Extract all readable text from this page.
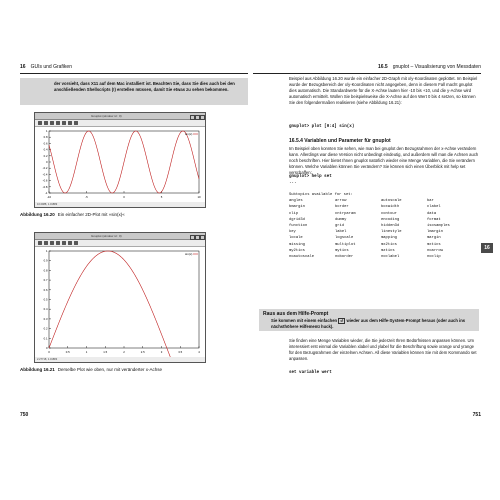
16 GUIs und Grafiken

der vorsieht, dass X11 auf dem Mac installiert ist. Beachten Sie, dass Sie dies auch bei den anschließenden Shellscripts (!) erstellen müssen, damit Sie etwas zu sehen bekommen.

Gnuplot (window id : 0)
1
0.8
0.6
0.4
0.2
0
-0.2
-0.4
-0.6
-0.8
-1
-10	-5	0	5	10
sin(x)
10.0988, 1.01889
Abbildung 16.20 Ein einfacher 2D-Plot mit »sin(x)«
Gnuplot (window id : 0)
1
0.9
0.8
0.7
0.6
0.5
0.4
0.3
0.2
0.1
0
0	0.5	1	1.5	2	2.5	3	3.5	4
sin(x)
2.27718, 1.01883
Abbildung 16.21 Derselbe Plot wie oben, nur mit veränderter x-Achse
750
16.5 gnuplot – Visualisierung von Messdaten
Beispiel aus Abbildung 16.20 wurde ein einfacher 2D-Graph mit x/y-Koordinaten geplottet. Im Beispiel wurde der Bezugsbereich der x/y-Koordinaten nicht angegeben, denn in diesem Fall macht gnuplot dies automatisch. Die Standardwerte für die X-Achse lauten hier -10 bis +10, und die y-Achse wird automatisch ermittelt. Wollen Sie beispielsweise die X-Achse auf den Wert 0 bis 4 setzen, so können Sie den folgendermaßen realisieren (siehe Abbildung 16.21):
gnuplot> plot [0:4] sin(x)
16.5.4 Variablen und Parameter für gnuplot
Im Beispiel oben konnten Sie sehen, wie man bei gnuplot den Bezugsrahmen der x-Achse verändern kann. Allerdings war diese Version nicht unbedingt eindeutig, und außerdem will man die Achsen auch noch beschriften. Hier bietet Ihnen gnuplot natürlich wieder eine Menge Variablen, die Sie verändern können. Welche Variablen können Sie verändern? Sie können sich einen Überblick mit help set verschaffen:
gnuplot> help set
...
Subtopics available for set:
angles	arrow	autoscale	bar
bmargin	border	boxwidth	clabel
clip	cntrparam	contour	data
dgrid3d	dummy	encoding	format
function	grid	hidden3d	isosamples
key	label	linestyle	lmargin
locale	logscale	mapping	margin
missing	multiplot	mx2tics	mxtics
my2tics	mytics	mztics	noarrow
noautoscale	noborder	noclabel	noclip
Raus aus dem Hilfe-Prompt
Sie kommen mit einem einfachen ⏎ wieder aus dem Hilfe-System-Prompt heraus (oder auch ins nächsthöhere Hilfemenü huck).
Sie finden eine Menge Variablen wieder, die Sie jederzeit Ihren Bedürfnissen anpassen können. Um interessiert erst einmal die Variablen xlabel und ylabel für die Beschriftung sowie xrange und yrange für den Bezugsrahmen der einzelnen Achsen. All diese Variablen können Sie mit dem Kommando set anpassen.
set variable wert
751
16
